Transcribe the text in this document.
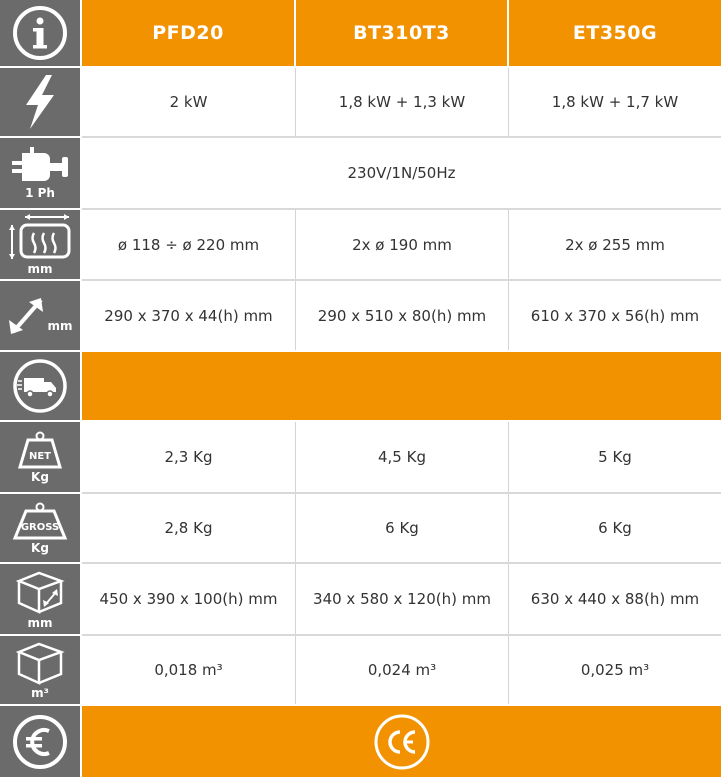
PFD20	BT310T3	ET350G
2 kW	1,8 kW + 1,3 kW	1,8 kW + 1,7 kW
1 Ph
230V/1N/50Hz
mm
ø 118 ÷ ø 220 mm	2x ø 190 mm	2x ø 255 mm
mm
290 x 370 x 44(h) mm	290 x 510 x 80(h) mm	610 x 370 x 56(h) mm
NET
Kg
2,3 Kg	4,5 Kg	5 Kg
GROSS
Kg
2,8 Kg	6 Kg	6 Kg
mm
450 x 390 x 100(h) mm	340 x 580 x 120(h) mm	630 x 440 x 88(h) mm
m³
0,018 m³	0,024 m³	0,025 m³
